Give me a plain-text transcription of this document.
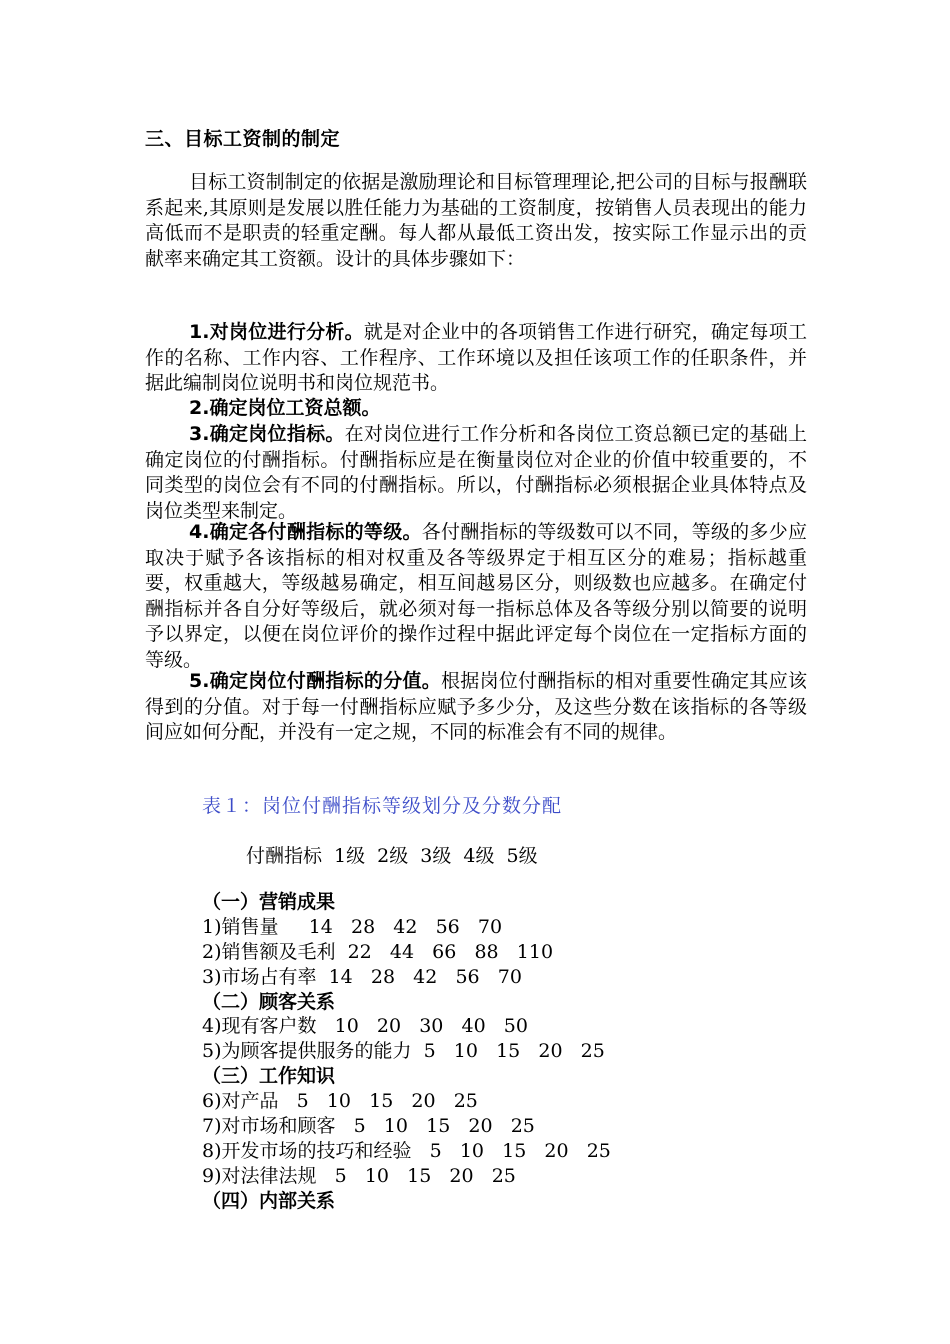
三、目标工资制的制定

目标工资制制定的依据是激励理论和目标管理理论,把公司的目标与报酬联系起来,其原则是发展以胜任能力为基础的工资制度，按销售人员表现出的能力高低而不是职责的轻重定酬。每人都从最低工资出发，按实际工作显示出的贡献率来确定其工资额。设计的具体步骤如下：

1.对岗位进行分析。就是对企业中的各项销售工作进行研究，确定每项工作的名称、工作内容、工作程序、工作环境以及担任该项工作的任职条件，并据此编制岗位说明书和岗位规范书。

2.确定岗位工资总额。

3.确定岗位指标。在对岗位进行工作分析和各岗位工资总额已定的基础上确定岗位的付酬指标。付酬指标应是在衡量岗位对企业的价值中较重要的，不同类型的岗位会有不同的付酬指标。所以，付酬指标必须根据企业具体特点及岗位类型来制定。

4.确定各付酬指标的等级。各付酬指标的等级数可以不同，等级的多少应取决于赋予各该指标的相对权重及各等级界定于相互区分的难易；指标越重要，权重越大，等级越易确定，相互间越易区分，则级数也应越多。在确定付酬指标并各自分好等级后，就必须对每一指标总体及各等级分别以简要的说明予以界定，以便在岗位评价的操作过程中据此评定每个岗位在一定指标方面的等级。

5.确定岗位付酬指标的分值。根据岗位付酬指标的相对重要性确定其应该得到的分值。对于每一付酬指标应赋予多少分，及这些分数在该指标的各等级间应如何分配，并没有一定之规，不同的标准会有不同的规律。

表１：岗位付酬指标等级划分及分数分配
付酬指标 1级 2级 3级 4级 5级
（一）营销成果
1)销售量     14   28   42   56   70
2)销售额及毛利  22   44   66   88   110
3)市场占有率  14   28   42   56   70
（二）顾客关系
4)现有客户数   10   20   30   40   50
5)为顾客提供服务的能力  5   10   15   20   25
（三）工作知识
6)对产品   5   10   15   20   25
7)对市场和顾客   5   10   15   20   25
8)开发市场的技巧和经验   5   10   15   20   25
9)对法律法规   5   10   15   20   25
（四）内部关系
